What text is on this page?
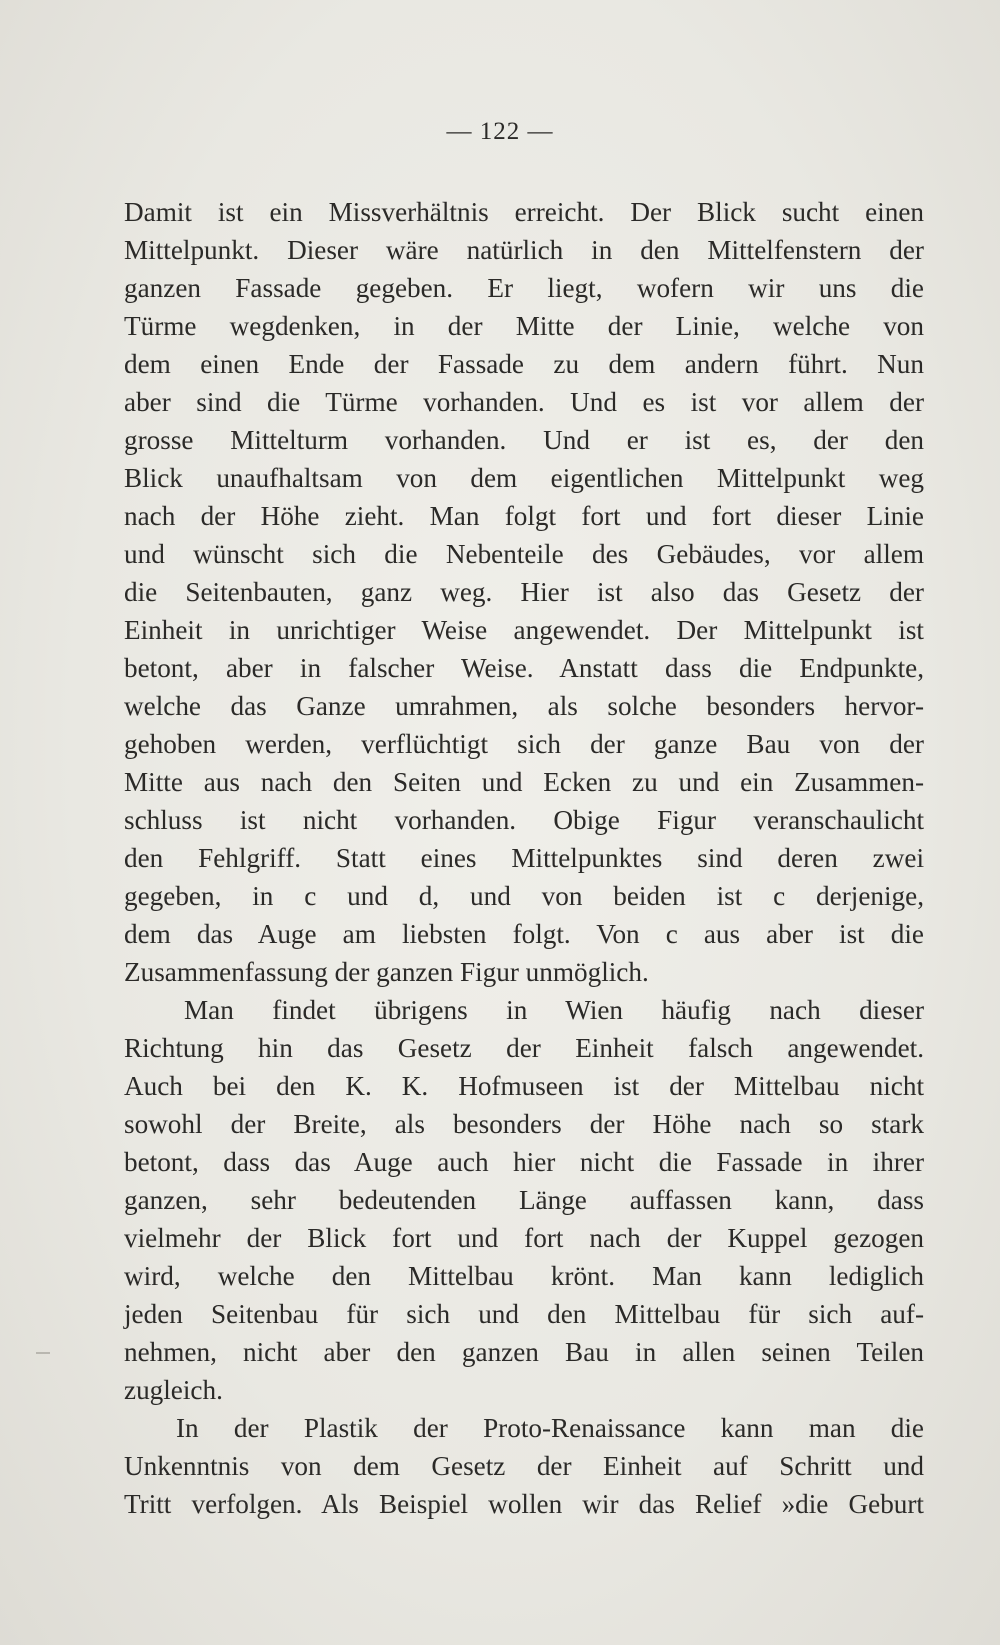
— 122 —
Damit ist ein Missverhältnis erreicht. Der Blick sucht einen
Mittelpunkt. Dieser wäre natürlich in den Mittelfenstern der
ganzen Fassade gegeben. Er liegt, wofern wir uns die
Türme wegdenken, in der Mitte der Linie, welche von
dem einen Ende der Fassade zu dem andern führt. Nun
aber sind die Türme vorhanden. Und es ist vor allem der
grosse Mittelturm vorhanden. Und er ist es, der den
Blick unaufhaltsam von dem eigentlichen Mittelpunkt weg
nach der Höhe zieht. Man folgt fort und fort dieser Linie
und wünscht sich die Nebenteile des Gebäudes, vor allem
die Seitenbauten, ganz weg. Hier ist also das Gesetz der
Einheit in unrichtiger Weise angewendet. Der Mittelpunkt ist
betont, aber in falscher Weise. Anstatt dass die Endpunkte,
welche das Ganze umrahmen, als solche besonders hervor-
gehoben werden, verflüchtigt sich der ganze Bau von der
Mitte aus nach den Seiten und Ecken zu und ein Zusammen-
schluss ist nicht vorhanden. Obige Figur veranschaulicht
den Fehlgriff. Statt eines Mittelpunktes sind deren zwei
gegeben, in c und d, und von beiden ist c derjenige,
dem das Auge am liebsten folgt. Von c aus aber ist die
Zusammenfassung der ganzen Figur unmöglich.
Man findet übrigens in Wien häufig nach dieser
Richtung hin das Gesetz der Einheit falsch angewendet.
Auch bei den K. K. Hofmuseen ist der Mittelbau nicht
sowohl der Breite, als besonders der Höhe nach so stark
betont, dass das Auge auch hier nicht die Fassade in ihrer
ganzen, sehr bedeutenden Länge auffassen kann, dass
vielmehr der Blick fort und fort nach der Kuppel gezogen
wird, welche den Mittelbau krönt. Man kann lediglich
jeden Seitenbau für sich und den Mittelbau für sich auf-
nehmen, nicht aber den ganzen Bau in allen seinen Teilen
zugleich.
In der Plastik der Proto-Renaissance kann man die
Unkenntnis von dem Gesetz der Einheit auf Schritt und
Tritt verfolgen. Als Beispiel wollen wir das Relief »die Geburt
